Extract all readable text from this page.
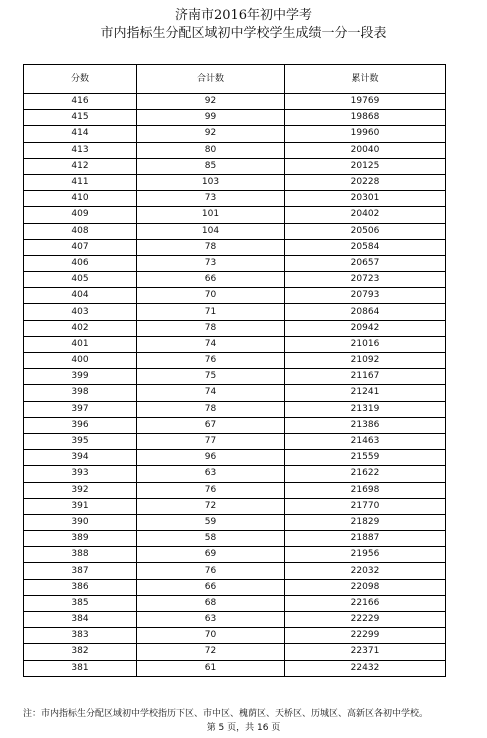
济南市2016年初中学考
市内指标生分配区域初中学校学生成绩一分一段表
分数	合计数	累计数
416	92	19769
415	99	19868
414	92	19960
413	80	20040
412	85	20125
411	103	20228
410	73	20301
409	101	20402
408	104	20506
407	78	20584
406	73	20657
405	66	20723
404	70	20793
403	71	20864
402	78	20942
401	74	21016
400	76	21092
399	75	21167
398	74	21241
397	78	21319
396	67	21386
395	77	21463
394	96	21559
393	63	21622
392	76	21698
391	72	21770
390	59	21829
389	58	21887
388	69	21956
387	76	22032
386	66	22098
385	68	22166
384	63	22229
383	70	22299
382	72	22371
381	61	22432
注：市内指标生分配区域初中学校指历下区、市中区、槐荫区、天桥区、历城区、高新区各初中学校。
第 5 页，共 16 页
